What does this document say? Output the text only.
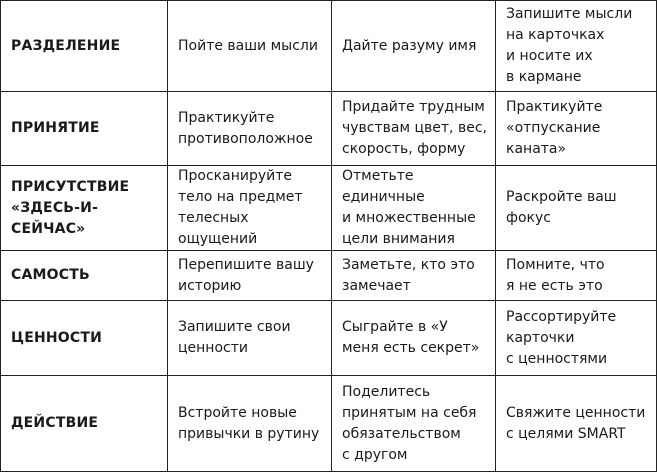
РАЗДЕЛЕНИЕ	Пойте ваши мысли	Дайте разуму имя	Запишите мысли
на карточках
и носите их
в кармане
ПРИНЯТИЕ	Практикуйте
противоположное	Придайте трудным
чувствам цвет, вес,
скорость, форму	Практикуйте
«отпускание
каната»
ПРИСУТСТВИЕ
«ЗДЕСЬ-И-СЕЙЧАС»	Просканируйте
тело на предмет
телесных
ощущений	Отметьте
единичные
и множественные
цели внимания	Раскройте ваш
фокус
САМОСТЬ	Перепишите вашу
историю	Заметьте, кто это
замечает	Помните, что
я не есть это
ЦЕННОСТИ	Запишите свои
ценности	Сыграйте в «У
меня есть секрет»	Рассортируйте
карточки
с ценностями
ДЕЙСТВИЕ	Встройте новые
привычки в рутину	Поделитесь
принятым на себя
обязательством
с другом	Свяжите ценности
с целями SMART
